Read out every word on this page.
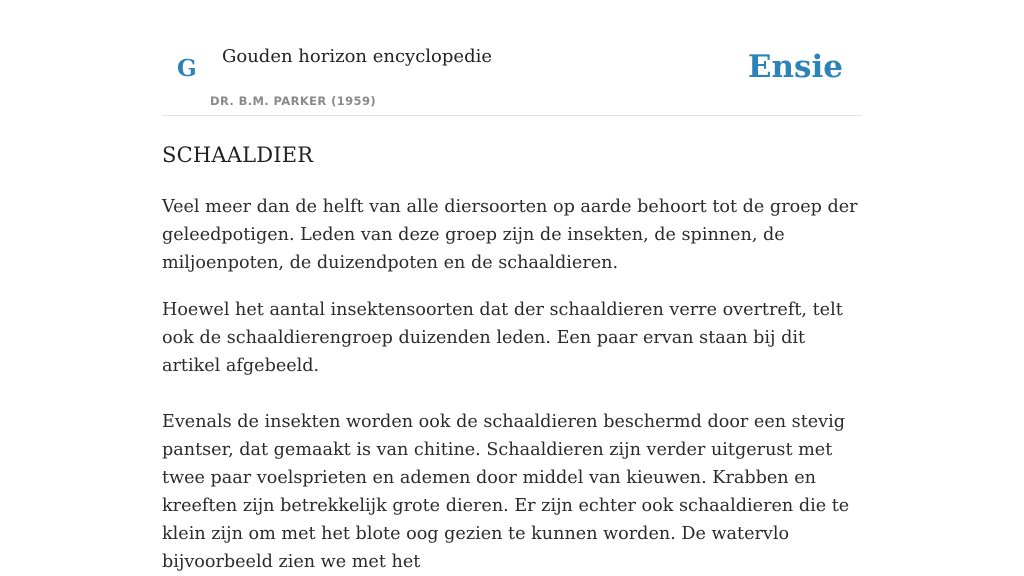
G Gouden horizon encyclopedie
DR. B.M. PARKER (1959)
Ensie
SCHAALDIER

Veel meer dan de helft van alle diersoorten op aarde behoort tot de groep der geleedpotigen. Leden van deze groep zijn de insekten, de spinnen, de miljoenpoten, de duizendpoten en de schaaldieren.

Hoewel het aantal insektensoorten dat der schaaldieren verre overtreft, telt ook de schaaldierengroep duizenden leden. Een paar ervan staan bij dit artikel afgebeeld.

Evenals de insekten worden ook de schaaldieren beschermd door een stevig pantser, dat gemaakt is van chitine. Schaaldieren zijn verder uitgerust met twee paar voelsprieten en ademen door middel van kieuwen. Krabben en kreeften zijn betrekkelijk grote dieren. Er zijn echter ook schaaldieren die te klein zijn om met het blote oog gezien te kunnen worden. De watervlo bijvoorbeeld zien we met het
